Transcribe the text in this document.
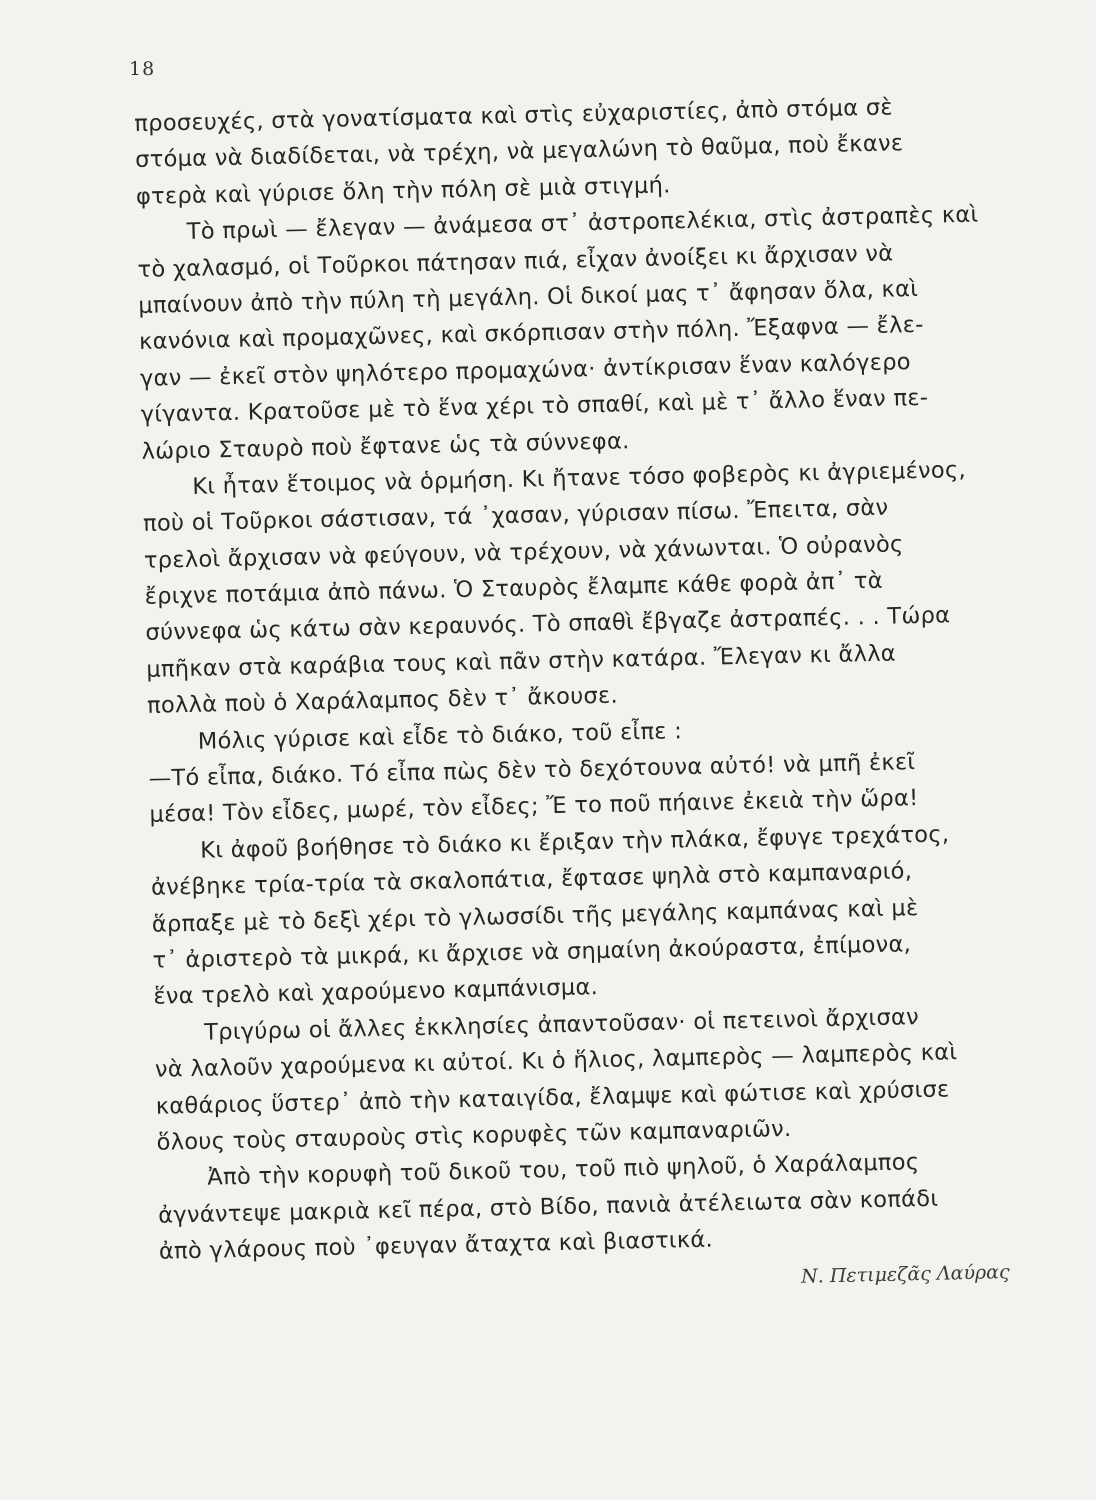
18
προσευχές, στὰ γονατίσματα καὶ στὶς εὐχαριστίες, ἀπὸ στόμα σὲ
στόμα νὰ διαδίδεται, νὰ τρέχη, νὰ μεγαλώνη τὸ θαῦμα, ποὺ ἔκανε
φτερὰ καὶ γύρισε ὅλη τὴν πόλη σὲ μιὰ στιγμή.
Τὸ πρωὶ — ἔλεγαν — ἀνάμεσα στ᾽ ἀστροπελέκια, στὶς ἀστραπὲς καὶ
τὸ χαλασμό, οἱ Τοῦρκοι πάτησαν πιά, εἶχαν ἀνοίξει κι ἄρχισαν νὰ
μπαίνουν ἀπὸ τὴν πύλη τὴ μεγάλη. Οἱ δικοί μας τ᾽ ἄφησαν ὅλα, καὶ
κανόνια καὶ προμαχῶνες, καὶ σκόρπισαν στὴν πόλη. Ἔξαφνα — ἔλε-
γαν — ἐκεῖ στὸν ψηλότερο προμαχώνα· ἀντίκρισαν ἕναν καλόγερο
γίγαντα. Κρατοῦσε μὲ τὸ ἕνα χέρι τὸ σπαθί, καὶ μὲ τ᾽ ἄλλο ἕναν πε-
λώριο Σταυρὸ ποὺ ἔφτανε ὡς τὰ σύννεφα.
Κι ἦταν ἕτοιμος νὰ ὁρμήση. Κι ἤτανε τόσο φοβερὸς κι ἀγριεμένος,
ποὺ οἱ Τοῦρκοι σάστισαν, τά ᾽χασαν, γύρισαν πίσω. Ἔπειτα, σὰν
τρελοὶ ἄρχισαν νὰ φεύγουν, νὰ τρέχουν, νὰ χάνωνται. Ὁ οὐρανὸς
ἔριχνε ποτάμια ἀπὸ πάνω. Ὁ Σταυρὸς ἔλαμπε κάθε φορὰ ἀπ᾽ τὰ
σύννεφα ὡς κάτω σὰν κεραυνός. Τὸ σπαθὶ ἔβγαζε ἀστραπές. . . Τώρα
μπῆκαν στὰ καράβια τους καὶ πᾶν στὴν κατάρα. Ἔλεγαν κι ἄλλα
πολλὰ ποὺ ὁ Χαράλαμπος δὲν τ᾽ ἄκουσε.
Μόλις γύρισε καὶ εἶδε τὸ διάκο, τοῦ εἶπε :
—Τό εἶπα, διάκο. Τό εἶπα πὼς δὲν τὸ δεχότουνα αὐτό! νὰ μπῆ ἐκεῖ
μέσα! Τὸν εἶδες, μωρέ, τὸν εἶδες; Ἔ το ποῦ πήαινε ἐκειὰ τὴν ὥρα!
Κι ἀφοῦ βοήθησε τὸ διάκο κι ἔριξαν τὴν πλάκα, ἔφυγε τρεχάτος,
ἀνέβηκε τρία-τρία τὰ σκαλοπάτια, ἔφτασε ψηλὰ στὸ καμπαναριό,
ἅρπαξε μὲ τὸ δεξὶ χέρι τὸ γλωσσίδι τῆς μεγάλης καμπάνας καὶ μὲ
τ᾽ ἀριστερὸ τὰ μικρά, κι ἄρχισε νὰ σημαίνη ἀκούραστα, ἐπίμονα,
ἕνα τρελὸ καὶ χαρούμενο καμπάνισμα.
Τριγύρω οἱ ἄλλες ἐκκλησίες ἀπαντοῦσαν· οἱ πετεινοὶ ἄρχισαν
νὰ λαλοῦν χαρούμενα κι αὐτοί. Κι ὁ ἥλιος, λαμπερὸς — λαμπερὸς καὶ
καθάριος ὕστερ᾽ ἀπὸ τὴν καταιγίδα, ἔλαμψε καὶ φώτισε καὶ χρύσισε
ὅλους τοὺς σταυροὺς στὶς κορυφὲς τῶν καμπαναριῶν.
Ἀπὸ τὴν κορυφὴ τοῦ δικοῦ του, τοῦ πιὸ ψηλοῦ, ὁ Χαράλαμπος
ἀγνάντεψε μακριὰ κεῖ πέρα, στὸ Βίδο, πανιὰ ἀτέλειωτα σὰν κοπάδι
ἀπὸ γλάρους ποὺ ᾽φευγαν ἄταχτα καὶ βιαστικά.
Ν. Πετιμεζᾶς Λαύρας
